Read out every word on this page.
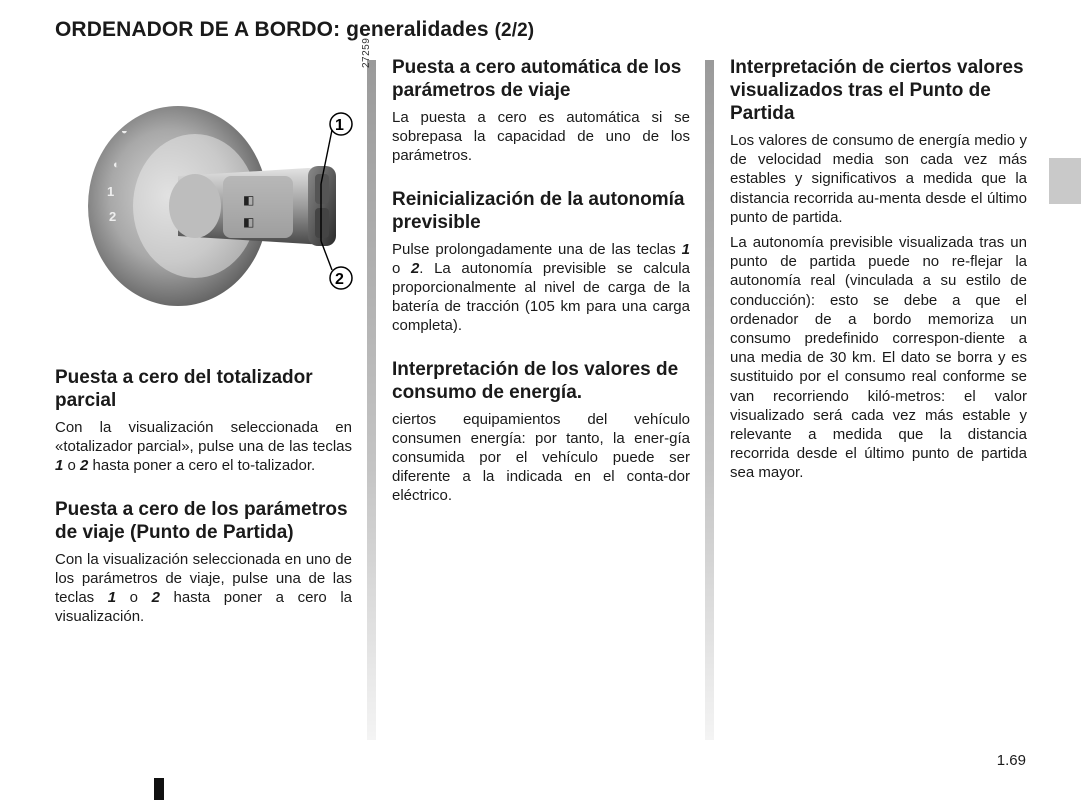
ORDENADOR DE A BORDO: generalidades (2/2)
◐
1
2
◒
◧
◧
1
2
27259
Puesta a cero del totalizador parcial

Con la visualización seleccionada en «totalizador parcial», pulse una de las teclas 1 o 2 hasta poner a cero el to-talizador.

Puesta a cero de los parámetros de viaje (Punto de Partida)

Con la visualización seleccionada en uno de los parámetros de viaje, pulse una de las teclas 1 o 2 hasta poner a cero la visualización.

Puesta a cero automática de los parámetros de viaje

La puesta a cero es automática si se sobrepasa la capacidad de uno de los parámetros.

Reinicialización de la autonomía previsible

Pulse prolongadamente una de las teclas 1 o 2. La autonomía previsible se calcula proporcionalmente al nivel de carga de la batería de tracción (105 km para una carga completa).

Interpretación de los valores de consumo de energía.

ciertos equipamientos del vehículo consumen energía: por tanto, la ener-gía consumida por el vehículo puede ser diferente a la indicada en el conta-dor eléctrico.

Interpretación de ciertos valores visualizados tras el Punto de Partida

Los valores de consumo de energía medio y de velocidad media son cada vez más estables y significativos a medida que la distancia recorrida au-menta desde el último punto de partida.

La autonomía previsible visualizada tras un punto de partida puede no re-flejar la autonomía real (vinculada a su estilo de conducción): esto se debe a que el ordenador de a bordo memoriza un consumo predefinido correspon-diente a una media de 30 km. El dato se borra y es sustituido por el consumo real conforme se van recorriendo kiló-metros: el valor visualizado será cada vez más estable y relevante a medida que la distancia recorrida desde el último punto de partida sea mayor.

1.69
